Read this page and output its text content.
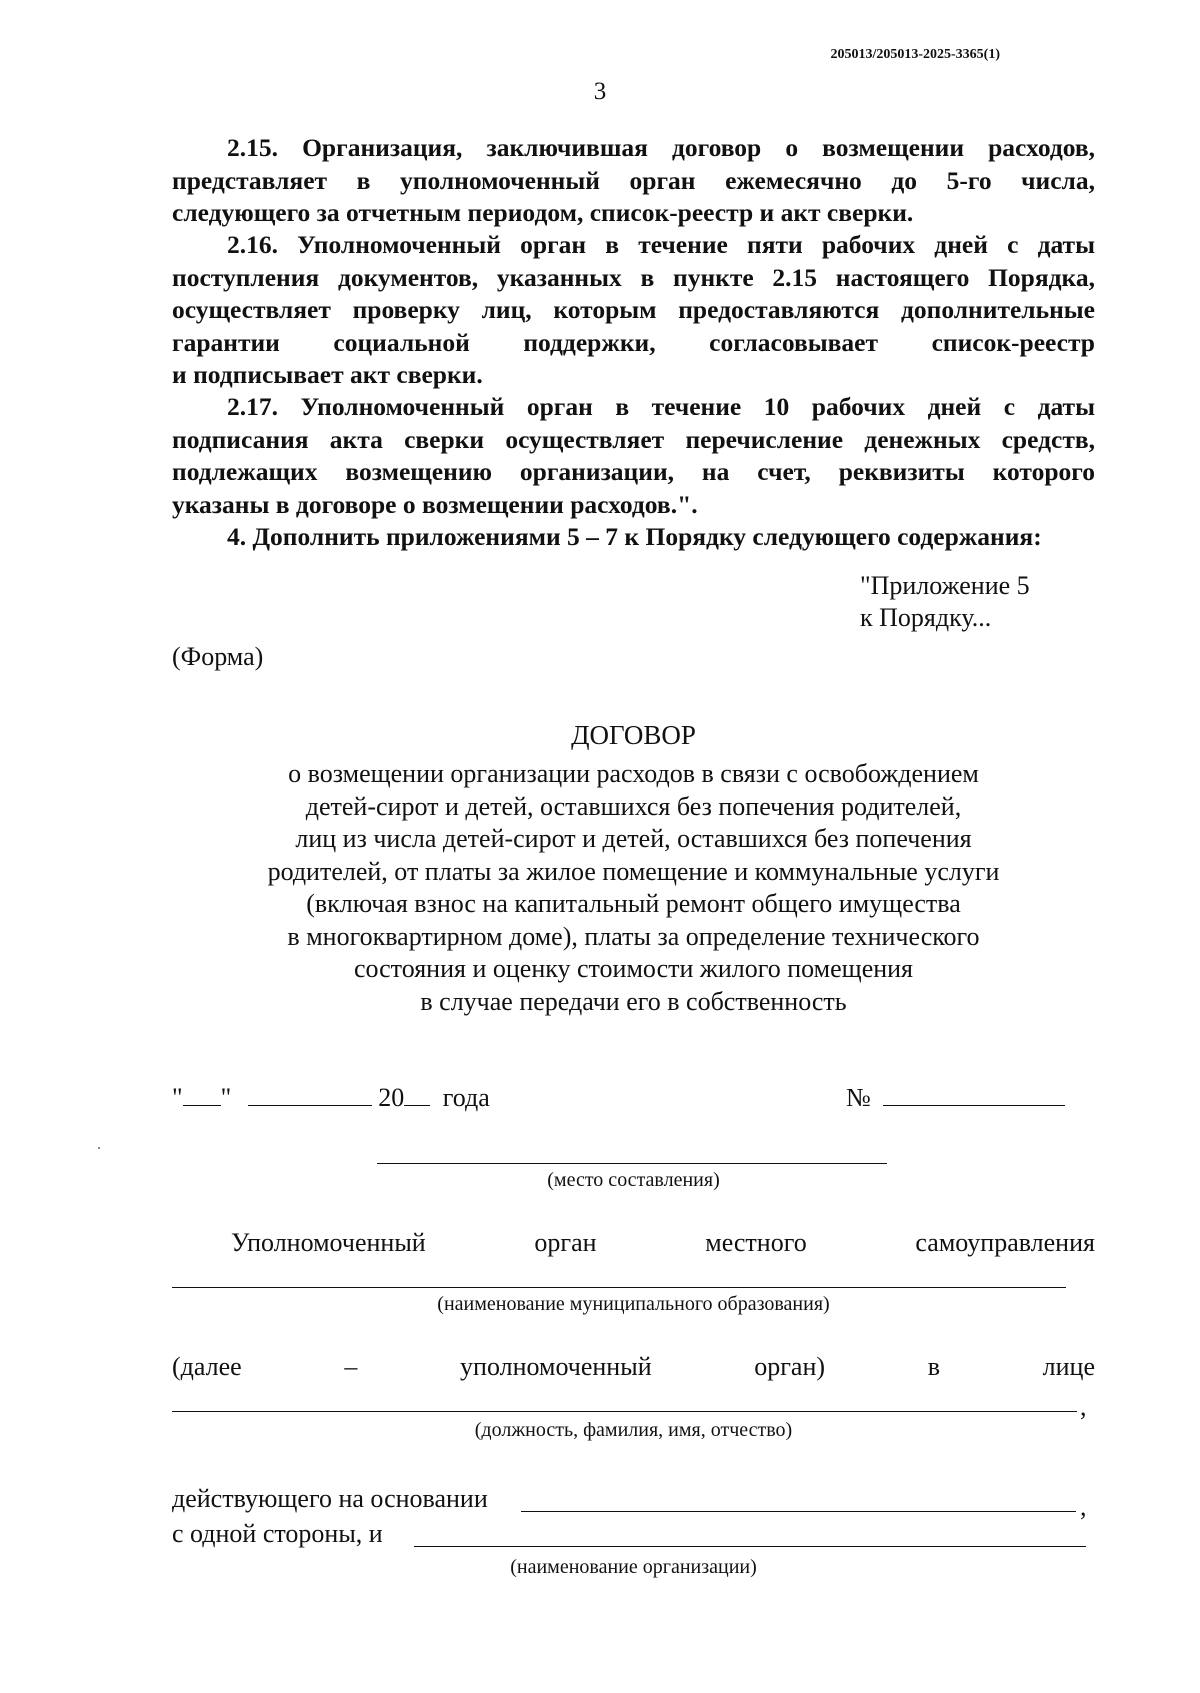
205013/205013-2025-3365(1)
3
2.15. Организация, заключившая договор о возмещении расходов,
представляет в уполномоченный орган ежемесячно до 5-го числа,
следующего за отчетным периодом, список-реестр и акт сверки.
2.16. Уполномоченный орган в течение пяти рабочих дней с даты
поступления документов, указанных в пункте 2.15 настоящего Порядка,
осуществляет проверку лиц, которым предоставляются дополнительные
гарантии социальной поддержки, согласовывает список-реестр
и подписывает акт сверки.
2.17. Уполномоченный орган в течение 10 рабочих дней с даты
подписания акта сверки осуществляет перечисление денежных средств,
подлежащих возмещению организации, на счет, реквизиты которого
указаны в договоре о возмещении расходов.".
4. Дополнить приложениями 5 – 7 к Порядку следующего содержания:
"Приложение 5
к Порядку...
(Форма)
ДОГОВОР
о возмещении организации расходов в связи с освобождением
детей-сирот и детей, оставшихся без попечения родителей,
лиц из числа детей-сирот и детей, оставшихся без попечения
родителей, от платы за жилое помещение и коммунальные услуги
(включая взнос на капитальный ремонт общего имущества
в многоквартирном доме), платы за определение технического
состояния и оценку стоимости жилого помещения
в случае передачи его в собственность
" "	20 года	№
(место составления)
Уполномоченный	орган	местного	самоуправления
(наименование муниципального образования)
(далее	–	уполномоченный	орган)	в	лице
,
(должность, фамилия, имя, отчество)
действующего на основании	,
с одной стороны, и
(наименование организации)
